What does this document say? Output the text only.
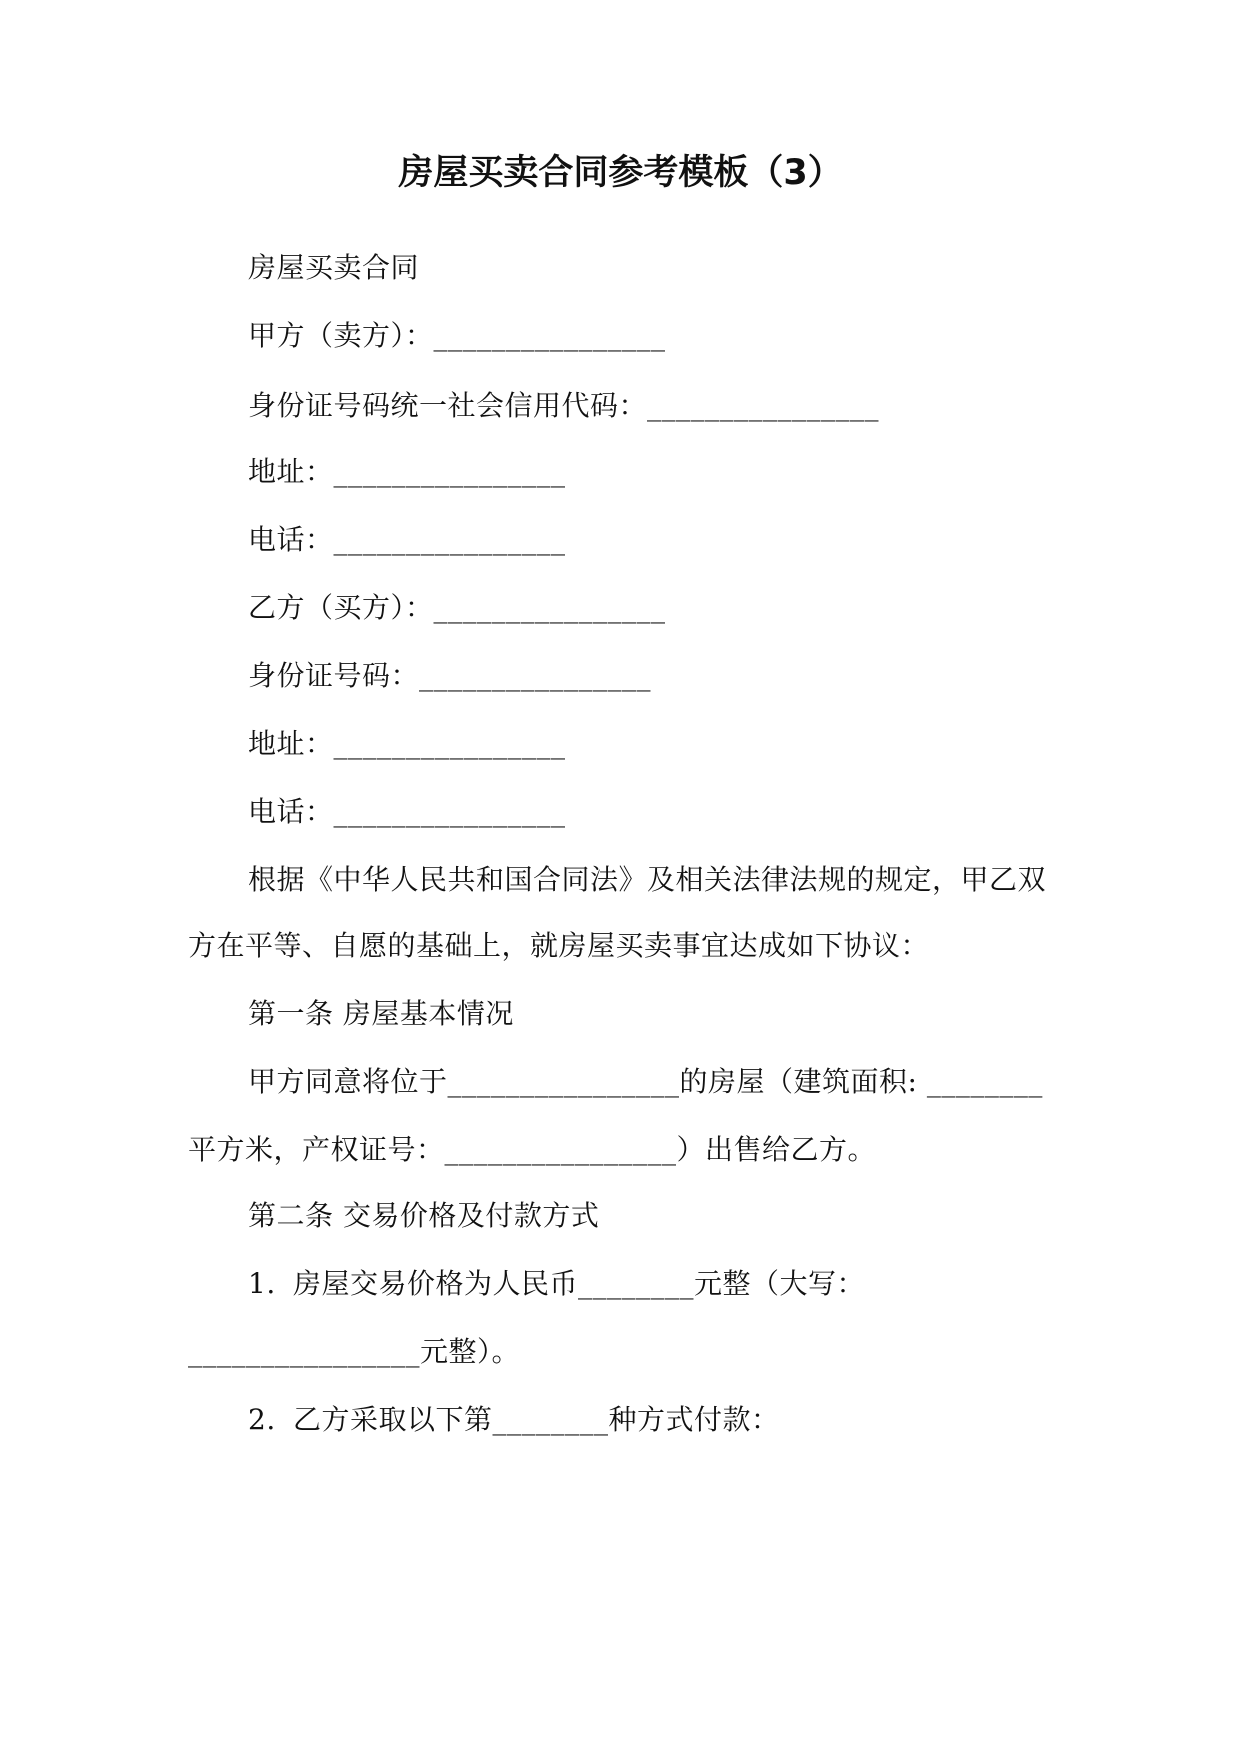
房屋买卖合同参考模板（3）
房屋买卖合同
甲方（卖方）：________________
身份证号码统一社会信用代码：________________
地址：________________
电话：________________
乙方（买方）：________________
身份证号码：________________
地址：________________
电话：________________
根据《中华人民共和国合同法》及相关法律法规的规定，甲乙双
方在平等、自愿的基础上，就房屋买卖事宜达成如下协议：
第一条 房屋基本情况
甲方同意将位于________________的房屋（建筑面积: ________
平方米，产权证号：________________）出售给乙方。
第二条 交易价格及付款方式
1. 房屋交易价格为人民币________元整（大写：
________________元整）。
2. 乙方采取以下第________种方式付款：
